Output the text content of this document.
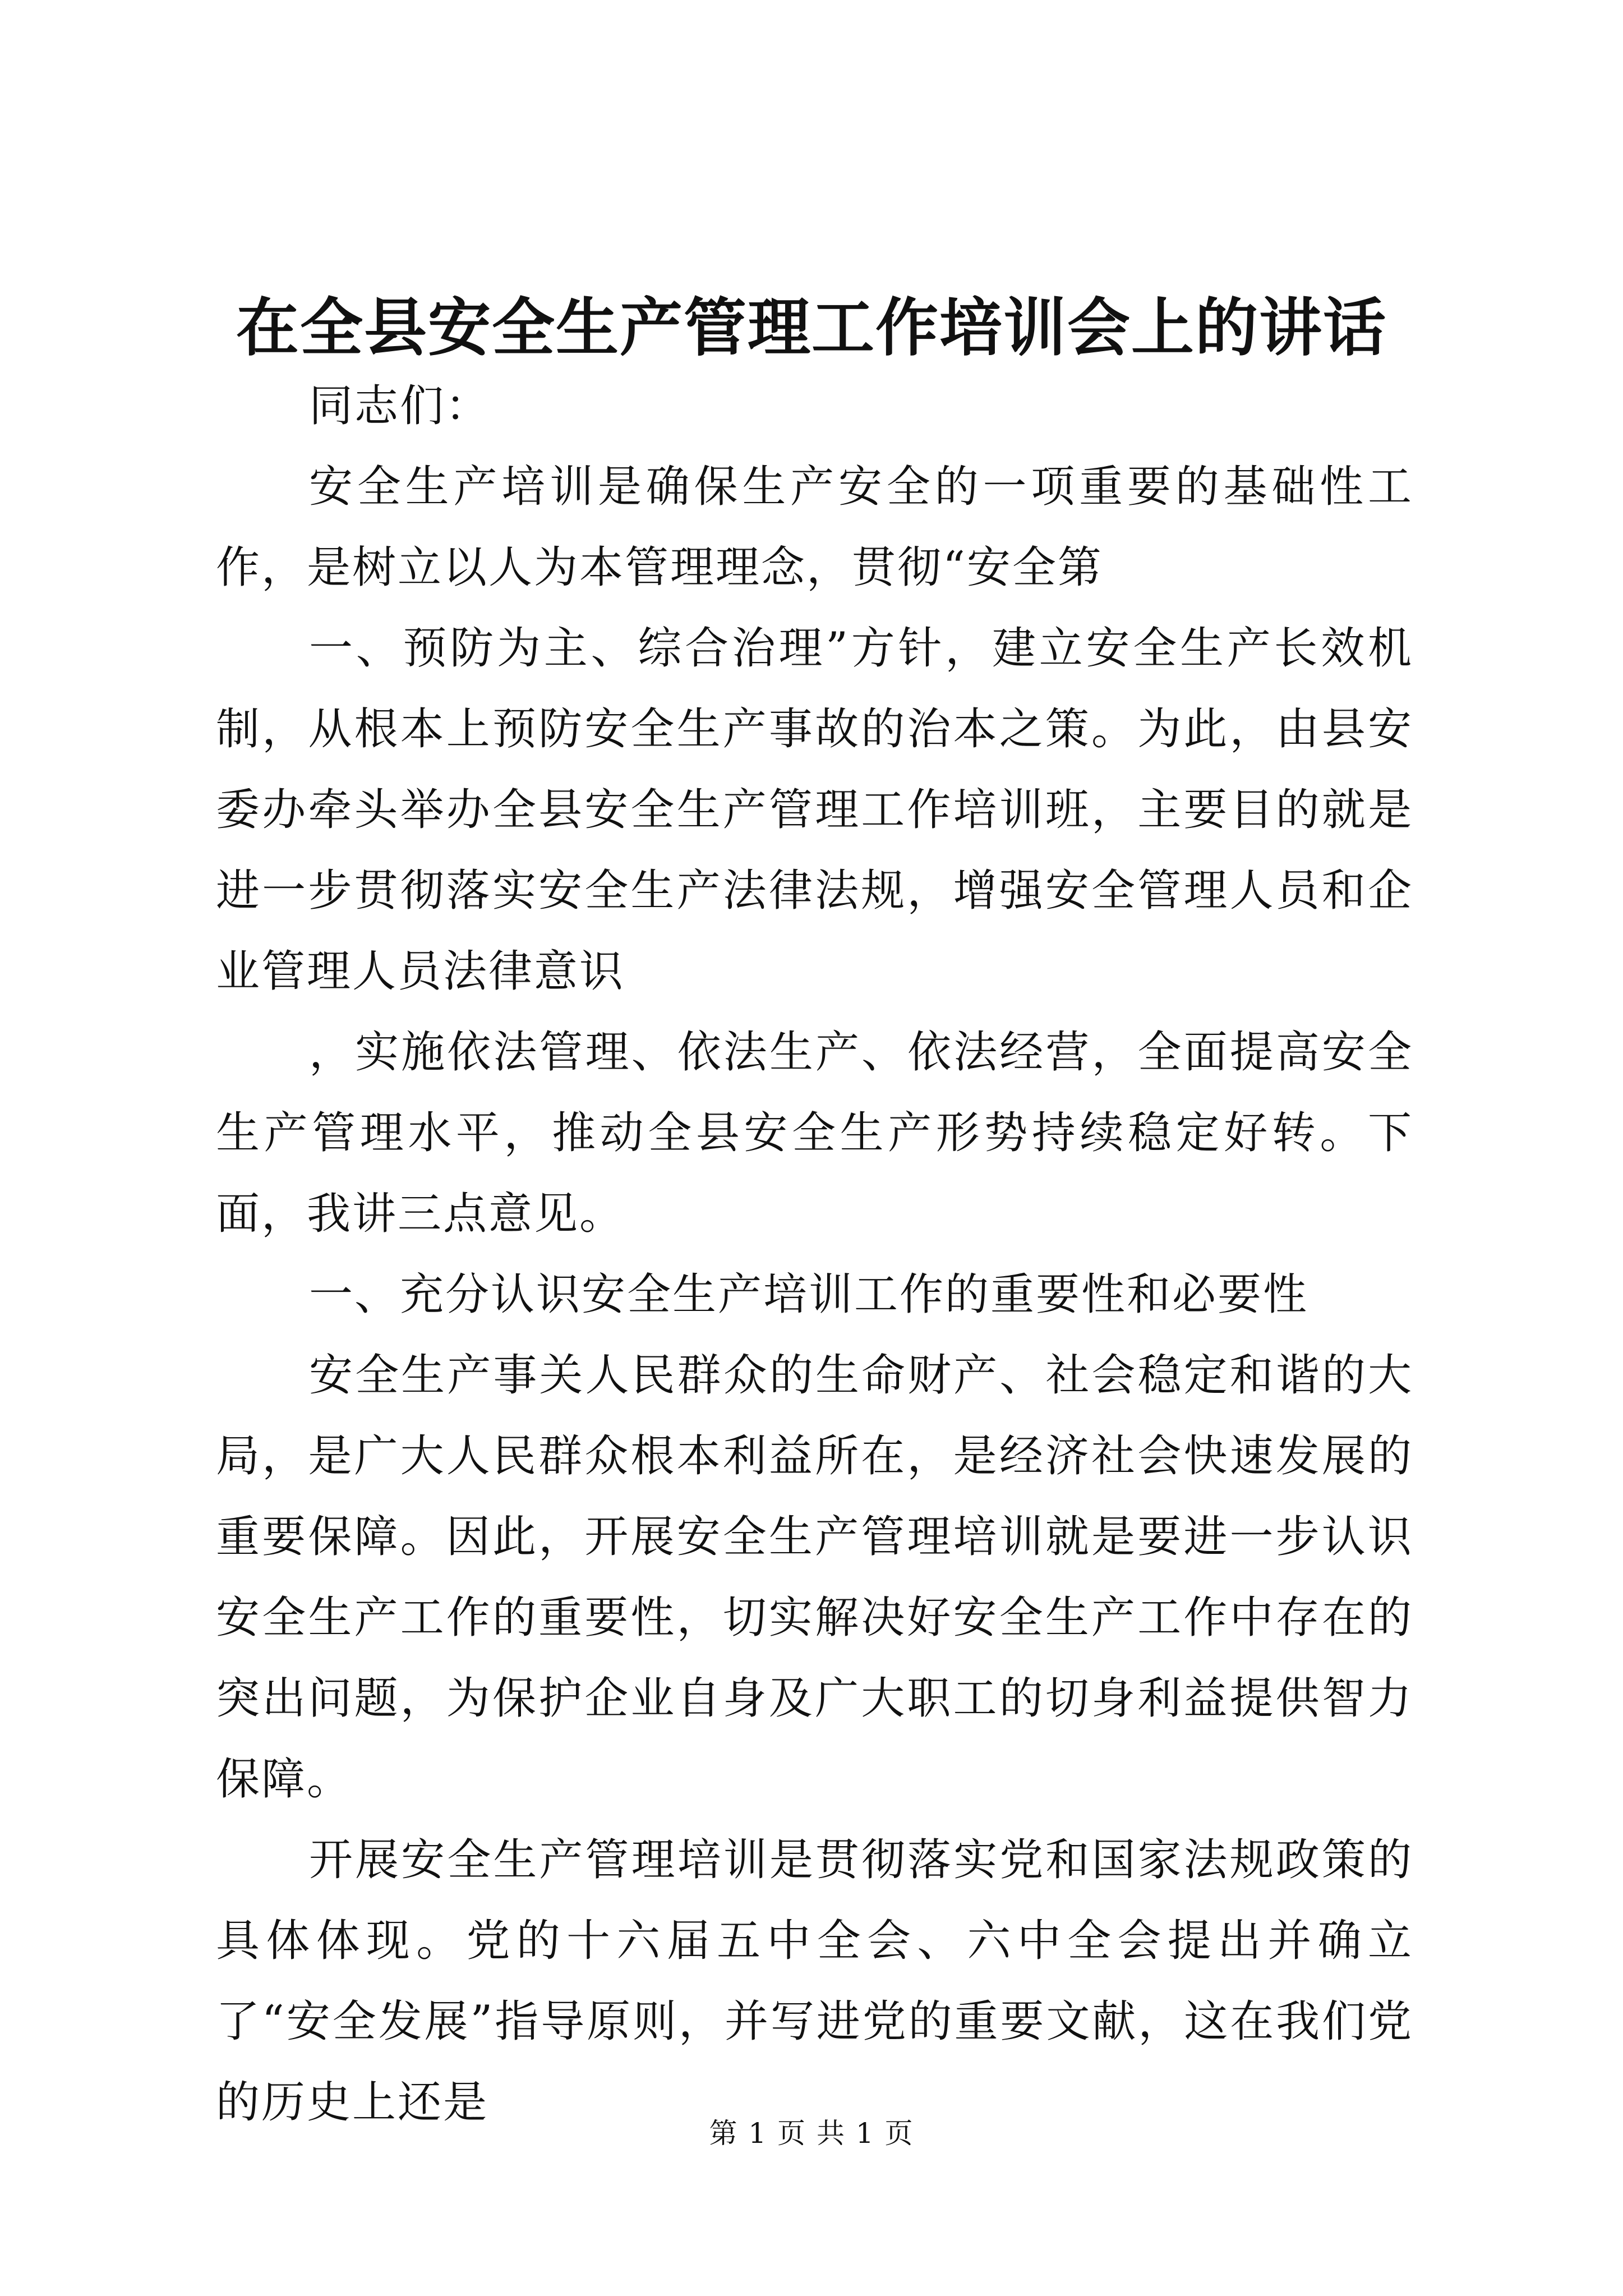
在全县安全生产管理工作培训会上的讲话

同志们：

安全生产培训是确保生产安全的一项重要的基础性工作，是树立以人为本管理理念，贯彻“安全第

一、预防为主、综合治理”方针，建立安全生产长效机制，从根本上预防安全生产事故的治本之策。为此，由县安委办牵头举办全县安全生产管理工作培训班，主要目的就是进一步贯彻落实安全生产法律法规，增强安全管理人员和企业管理人员法律意识

，实施依法管理、依法生产、依法经营，全面提高安全生产管理水平，推动全县安全生产形势持续稳定好转。下面，我讲三点意见。

一、充分认识安全生产培训工作的重要性和必要性

安全生产事关人民群众的生命财产、社会稳定和谐的大局，是广大人民群众根本利益所在，是经济社会快速发展的重要保障。因此，开展安全生产管理培训就是要进一步认识安全生产工作的重要性，切实解决好安全生产工作中存在的突出问题，为保护企业自身及广大职工的切身利益提供智力保障。

开展安全生产管理培训是贯彻落实党和国家法规政策的具体体现。党的十六届五中全会、六中全会提出并确立了“安全发展”指导原则，并写进党的重要文献，这在我们党的历史上还是

第 1 页 共 1 页
